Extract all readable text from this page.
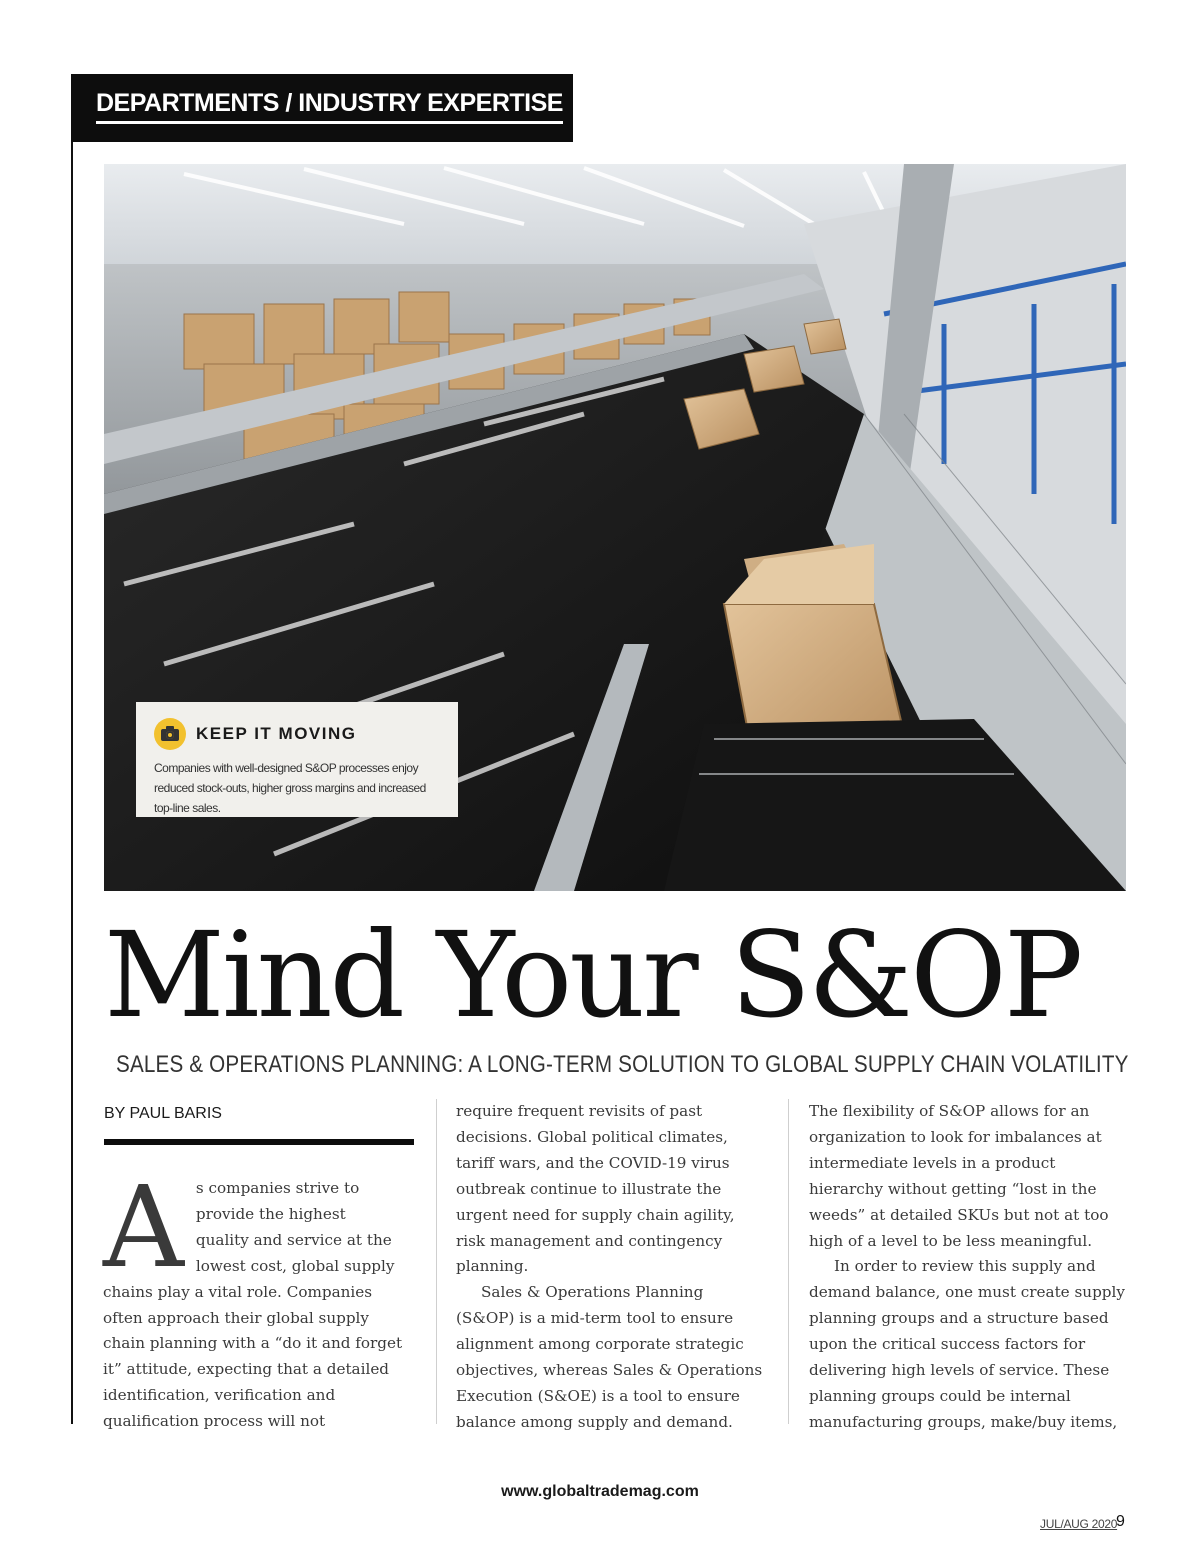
DEPARTMENTS / INDUSTRY EXPERTISE
KEEP IT MOVING
Companies with well-designed S&OP processes enjoy reduced stock-outs, higher gross margins and increased top-line sales.
Mind Your S&OP
SALES & OPERATIONS PLANNING: A LONG-TERM SOLUTION TO GLOBAL SUPPLY CHAIN VOLATILITY
BY PAUL BARIS

A s companies strive to provide the highest quality and service at the lowest cost, global supply chains play a vital role. Companies often approach their global supply chain planning with a “do it and forget it” attitude, expecting that a detailed identification, verification and qualification process will not

require frequent revisits of past decisions. Global political climates, tariff wars, and the COVID-19 virus outbreak continue to illustrate the urgent need for supply chain agility, risk management and contingency planning.

Sales & Operations Planning (S&OP) is a mid-term tool to ensure alignment among corporate strategic objectives, whereas Sales & Operations Execution (S&OE) is a tool to ensure balance among supply and demand.

The flexibility of S&OP allows for an organization to look for imbalances at intermediate levels in a product hierarchy without getting “lost in the weeds” at detailed SKUs but not at too high of a level to be less meaningful.

In order to review this supply and demand balance, one must create supply planning groups and a structure based upon the critical success factors for delivering high levels of service. These planning groups could be internal manufacturing groups, make/buy items,

www.globaltrademag.com
JUL/AUG 2020
9
